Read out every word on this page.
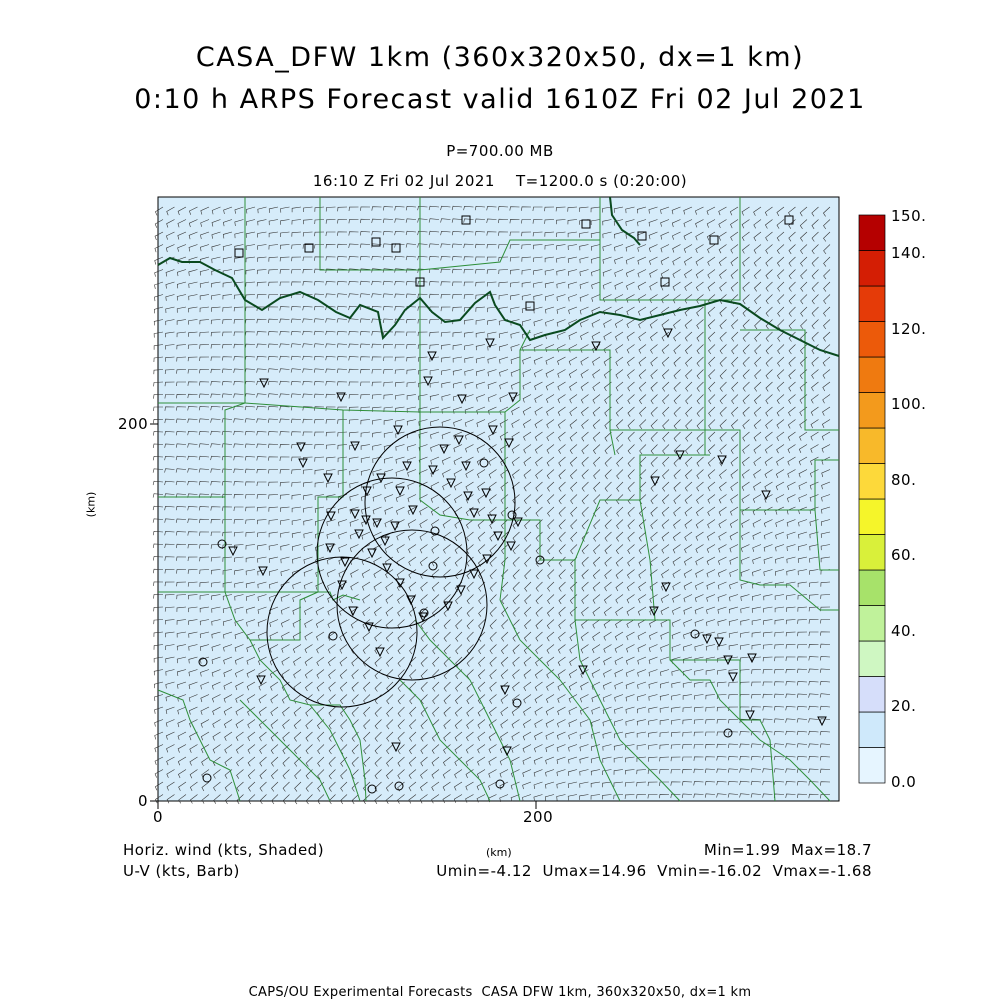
CASA_DFW 1km (360x320x50, dx=1 km)
0:10 h ARPS Forecast valid 1610Z Fri 02 Jul 2021
P=700.00 MB
16:10 Z Fri 02 Jul 2021    T=1200.0 s (0:20:00)
0
200
0	200
(km)
(km)
0.0
20.
40.
60.
80.
100.
120.
140.
150.
Horiz. wind (kts, Shaded)
U-V (kts, Barb)
Min=1.99  Max=18.7
Umin=-4.12  Umax=14.96  Vmin=-16.02  Vmax=-1.68
CAPS/OU Experimental Forecasts  CASA DFW 1km, 360x320x50, dx=1 km
